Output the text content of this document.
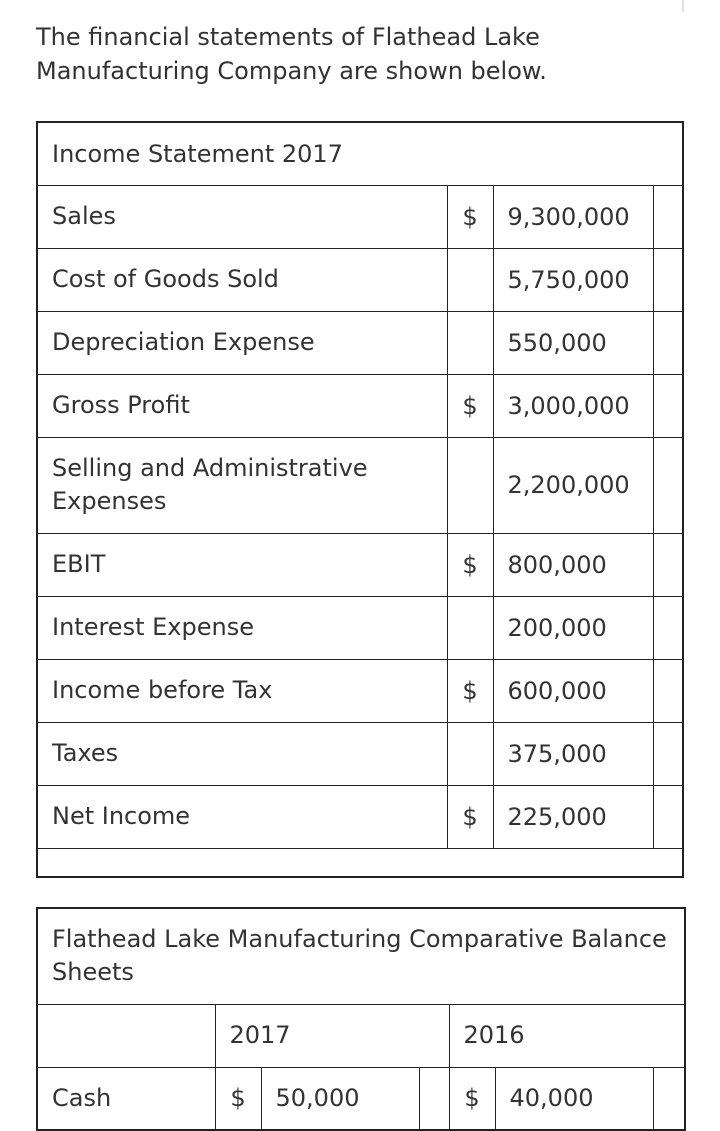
The financial statements of Flathead Lake Manufacturing Company are shown below.

Income Statement 2017			
Sales	$	9,300,000	
Cost of Goods Sold		5,750,000	
Depreciation Expense		550,000	
Gross Profit	$	3,000,000	
Selling and Administrative Expenses		2,200,000	
EBIT	$	800,000	
Interest Expense		200,000	
Income before Tax	$	600,000	
Taxes		375,000	
Net Income	$	225,000	

Flathead Lake Manufacturing Comparative Balance Sheets						
	2017			2016		
Cash	$	50,000		$	40,000	
